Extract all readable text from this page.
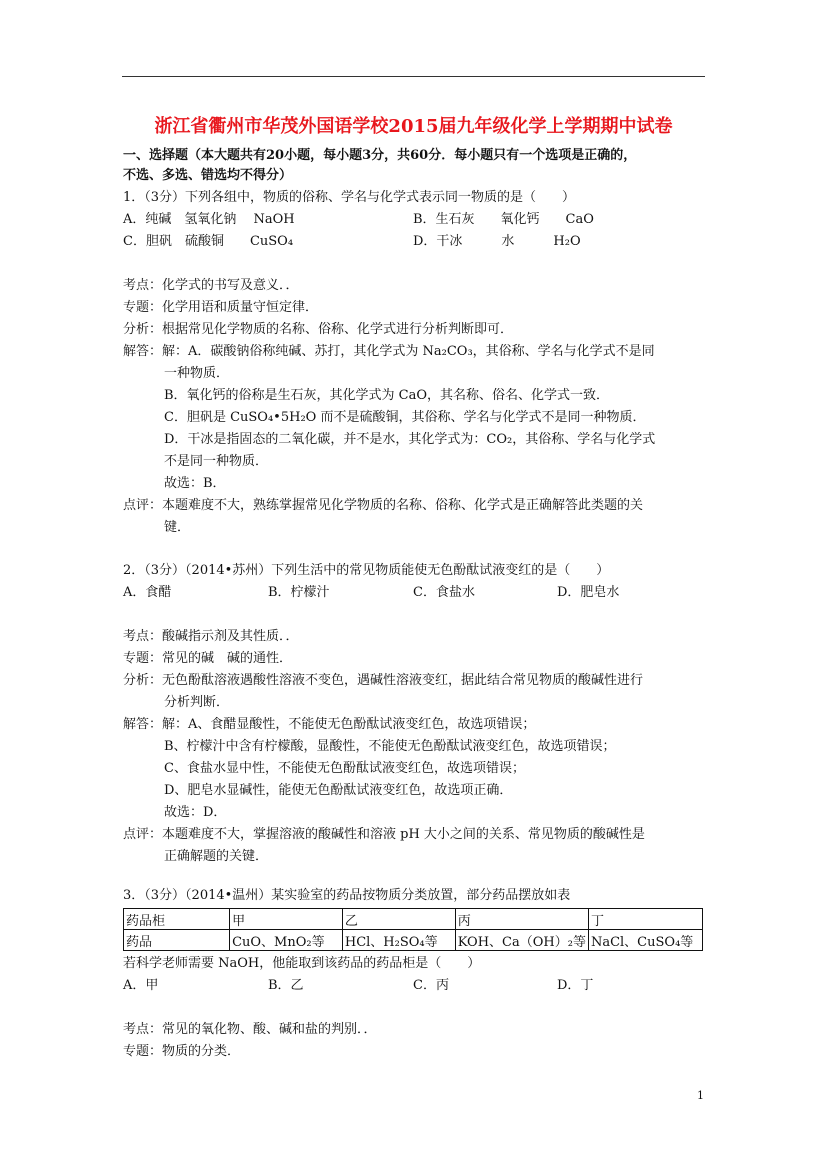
浙江省衢州市华茂外国语学校2015届九年级化学上学期期中试卷
一、选择题（本大题共有20小题，每小题3分，共60分．每小题只有一个选项是正确的，
不选、多选、错选均不得分）
1．（3分）下列各组中，物质的俗称、学名与化学式表示同一物质的是（　　）
A．纯碱　氢氧化钠　 NaOH	B．生石灰　　氧化钙　　CaO
C．胆矾　硫酸铜　　CuSO₄	D．干冰　　　水　　　H₂O
考点：化学式的书写及意义．．
专题：化学用语和质量守恒定律．
分析：根据常见化学物质的名称、俗称、化学式进行分析判断即可．
解答：解：A．碳酸钠俗称纯碱、苏打，其化学式为 Na₂CO₃，其俗称、学名与化学式不是同
一种物质．
B．氧化钙的俗称是生石灰，其化学式为 CaO，其名称、俗名、化学式一致．
C．胆矾是 CuSO₄•5H₂O 而不是硫酸铜，其俗称、学名与化学式不是同一种物质．
D．干冰是指固态的二氧化碳，并不是水，其化学式为：CO₂，其俗称、学名与化学式
不是同一种物质．
故选：B．
点评：本题难度不大，熟练掌握常见化学物质的名称、俗称、化学式是正确解答此类题的关
键．
2．（3分）（2014•苏州）下列生活中的常见物质能使无色酚酞试液变红的是（　　）
A．食醋	B．柠檬汁	C．食盐水	D．肥皂水
考点：酸碱指示剂及其性质．．
专题：常见的碱　碱的通性．
分析：无色酚酞溶液遇酸性溶液不变色，遇碱性溶液变红，据此结合常见物质的酸碱性进行
分析判断．
解答：解：A、食醋显酸性，不能使无色酚酞试液变红色，故选项错误；
B、柠檬汁中含有柠檬酸，显酸性，不能使无色酚酞试液变红色，故选项错误；
C、食盐水显中性，不能使无色酚酞试液变红色，故选项错误；
D、肥皂水显碱性，能使无色酚酞试液变红色，故选项正确．
故选：D．
点评：本题难度不大，掌握溶液的酸碱性和溶液 pH 大小之间的关系、常见物质的酸碱性是
正确解题的关键．
3．（3分）（2014•温州）某实验室的药品按物质分类放置，部分药品摆放如表
药品柜	甲	乙	丙	丁
药品	CuO、MnO₂等	HCl、H₂SO₄等	KOH、Ca（OH）₂等	NaCl、CuSO₄等
若科学老师需要 NaOH，他能取到该药品的药品柜是（　　）
A．甲	B．乙	C．丙	D．丁
考点：常见的氧化物、酸、碱和盐的判别．．
专题：物质的分类．
1
